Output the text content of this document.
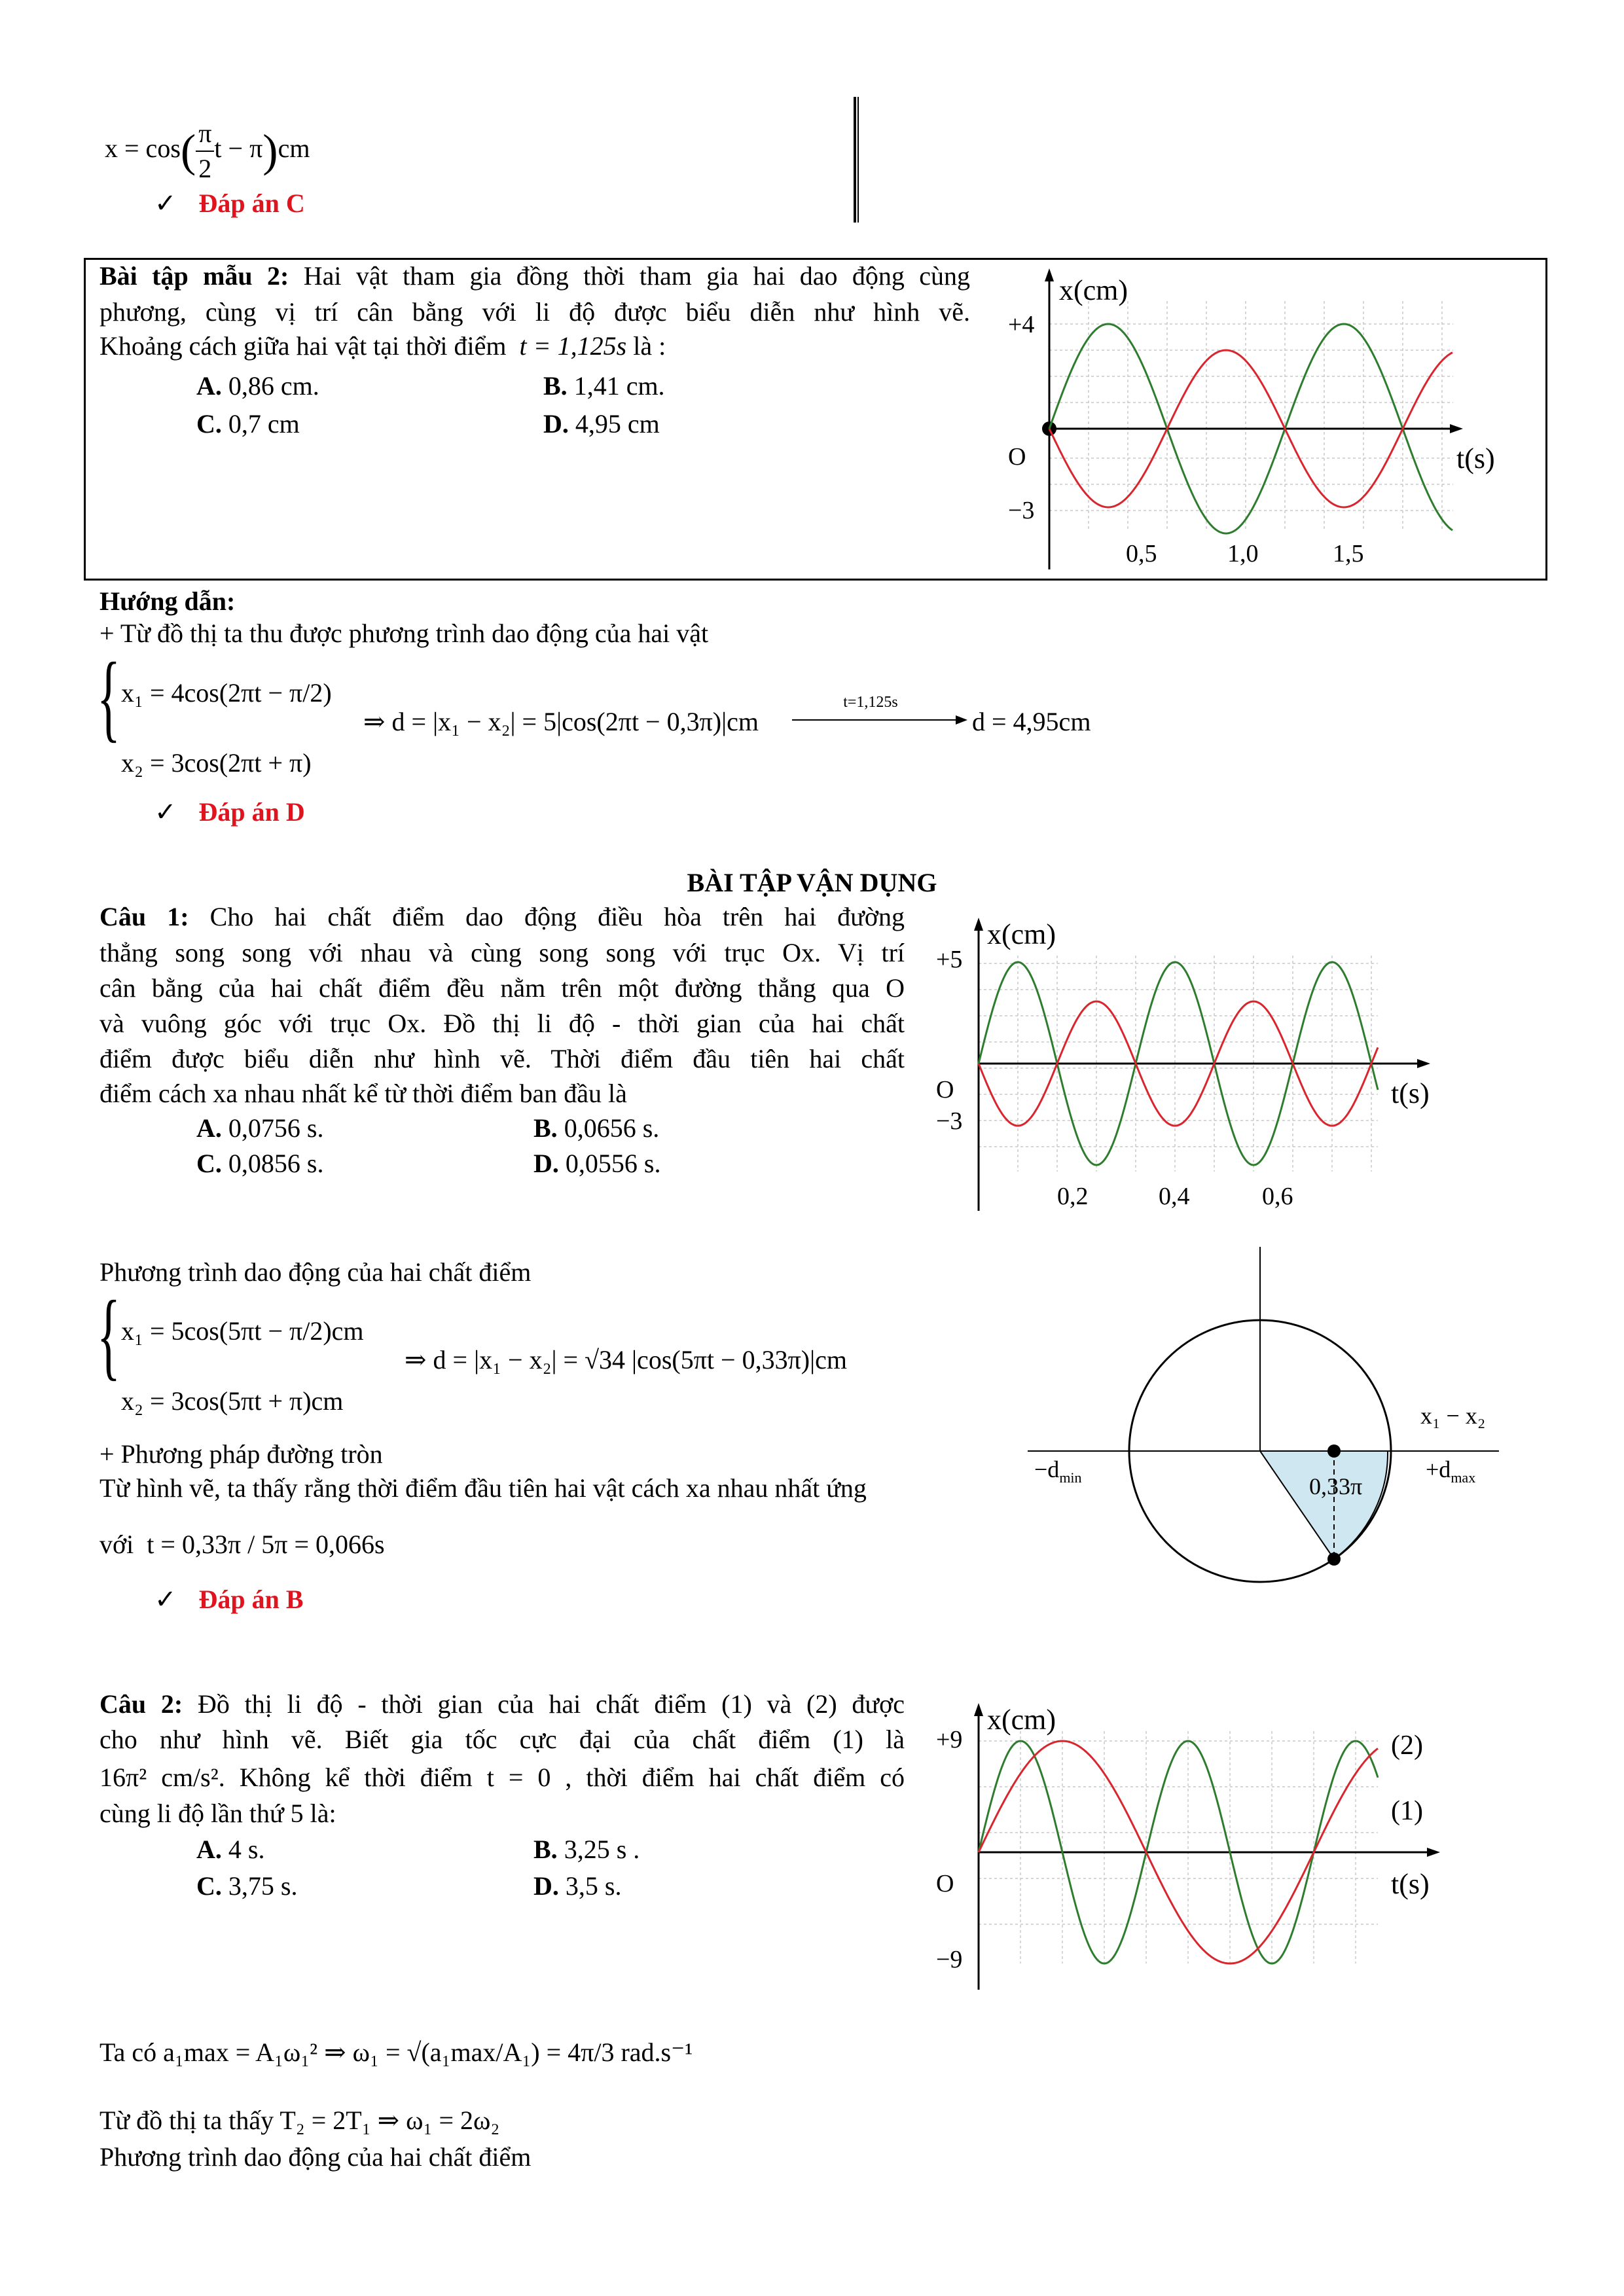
$x = \cos( \frac{\pi}{2}$ t − π)cm
✓ Đáp án C
Bài tập mẫu 2: Hai vật tham gia đồng thời tham gia hai dao động cùng
phương, cùng vị trí cân bằng với li độ được biểu diễn như hình vẽ.
Khoảng cách giữa hai vật tại thời điểm t = 1,125s là :
A. 0,86 cm.	B. 1,41 cm.
C. 0,7 cm	D. 4,95 cm
x(cm)
+4
O
−3
t(s)
0,5	1,0	1,5
Hướng dẫn:
+ Từ đồ thị ta thu được phương trình dao động của hai vật
{ x₁ = 4cos(2πt − π/2)
x₂ = 3cos(2πt + π)
⇒ d = |x₁ − x₂| = 5|cos(2πt − 0,3π)|cm
t=1,125s
d = 4,95cm
✓ Đáp án D
BÀI TẬP VẬN DỤNG
Câu 1: Cho hai chất điểm dao động điều hòa trên hai đường
thẳng song song với nhau và cùng song song với trục Ox. Vị trí
cân bằng của hai chất điểm đều nằm trên một đường thẳng qua O
và vuông góc với trục Ox. Đồ thị li độ - thời gian của hai chất
điểm được biểu diễn như hình vẽ. Thời điểm đầu tiên hai chất
điểm cách xa nhau nhất kể từ thời điểm ban đầu là
A. 0,0756 s.	B. 0,0656 s.
C. 0,0856 s.	D. 0,0556 s.
x(cm)
+5
O
−3
t(s)
0,2	0,4	0,6
Phương trình dao động của hai chất điểm
{ x₁ = 5cos(5πt − π/2)cm
x₂ = 3cos(5πt + π)cm
⇒ d = |x₁ − x₂| = √34 |cos(5πt − 0,33π)|cm
+ Phương pháp đường tròn
Từ hình vẽ, ta thấy rằng thời điểm đầu tiên hai vật cách xa nhau nhất ứng
với t = 0,33π / 5π = 0,066s
✓ Đáp án B
x₁ − x₂
$-d_{min}$	$+d_{max}$
0,33π
Câu 2: Đồ thị li độ - thời gian của hai chất điểm (1) và (2) được
cho như hình vẽ. Biết gia tốc cực đại của chất điểm (1) là
16π² cm/s². Không kể thời điểm t = 0 , thời điểm hai chất điểm có
cùng li độ lần thứ 5 là:
A. 4 s.	B. 3,25 s .
C. 3,75 s.	D. 3,5 s.
x(cm)
+9
O
−9
t(s)
(2)
(1)
Ta có a₁max = A₁ω₁² ⇒ ω₁ = √(a₁max/A₁) = 4π/3 rad.s⁻¹
Từ đồ thị ta thấy T₂ = 2T₁ ⇒ ω₁ = 2ω₂
Phương trình dao động của hai chất điểm
